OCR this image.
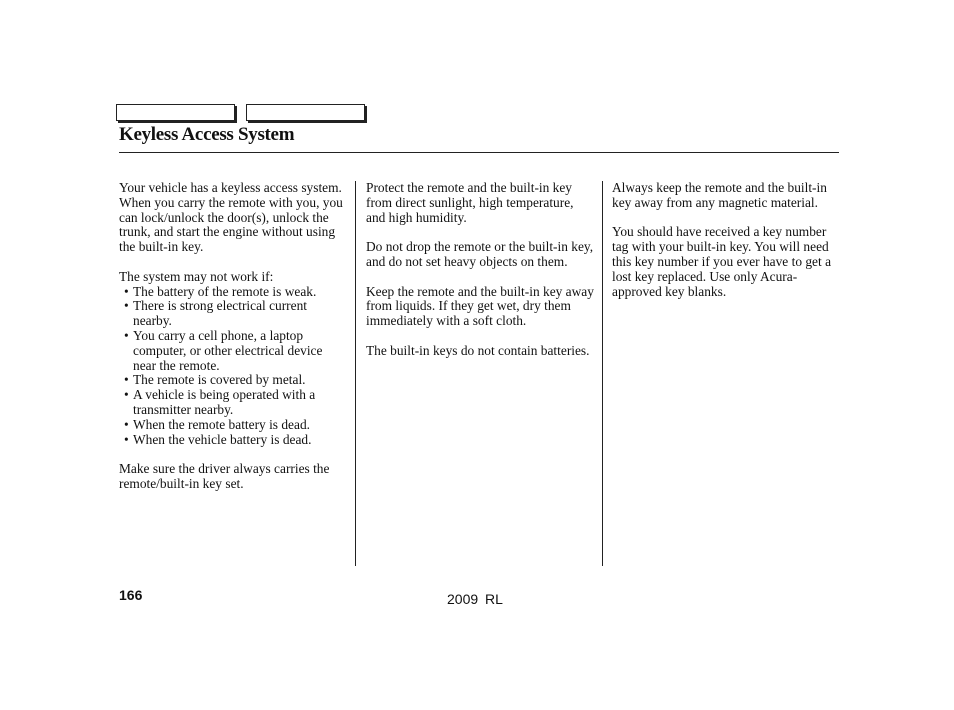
Keyless Access System

Your vehicle has a keyless access system. When you carry the remote with you, you can lock/unlock the door(s), unlock the trunk, and start the engine without using the built-in key.

The system may not work if:
• The battery of the remote is weak.
• There is strong electrical current nearby.
• You carry a cell phone, a laptop computer, or other electrical device near the remote.
• The remote is covered by metal.
• A vehicle is being operated with a transmitter nearby.
• When the remote battery is dead.
• When the vehicle battery is dead.

Make sure the driver always carries the remote/built-in key set.

Protect the remote and the built-in key from direct sunlight, high temperature, and high humidity.

Do not drop the remote or the built-in key, and do not set heavy objects on them.

Keep the remote and the built-in key away from liquids. If they get wet, dry them immediately with a soft cloth.

The built-in keys do not contain batteries.

Always keep the remote and the built-in key away from any magnetic material.

You should have received a key number tag with your built-in key. You will need this key number if you ever have to get a lost key replaced. Use only Acura-approved key blanks.

166	2009 RL
